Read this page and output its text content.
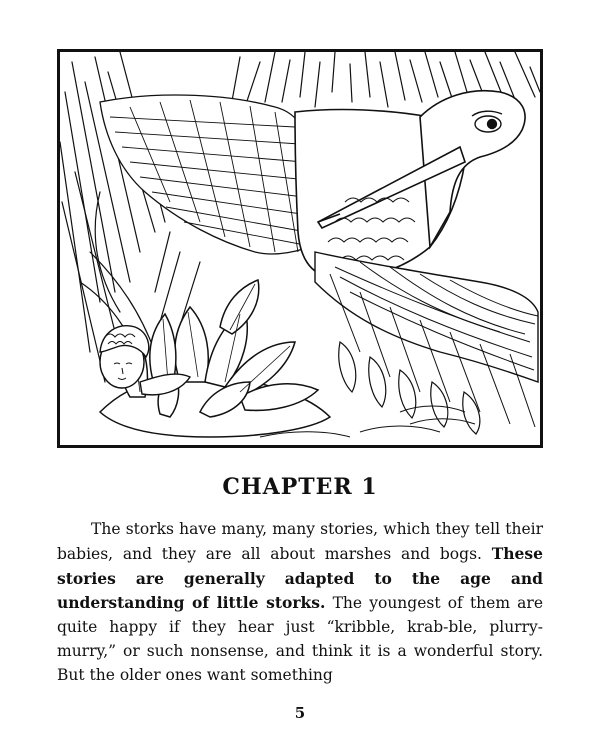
CHAPTER 1

The storks have many, many stories, which they tell their babies, and they are all about marshes and bogs. These stories are generally adapted to the age and understanding of little storks. The youngest of them are quite happy if they hear just “kribble, krab-ble, plurry-murry,” or such nonsense, and think it is a wonderful story. But the older ones want something

5
